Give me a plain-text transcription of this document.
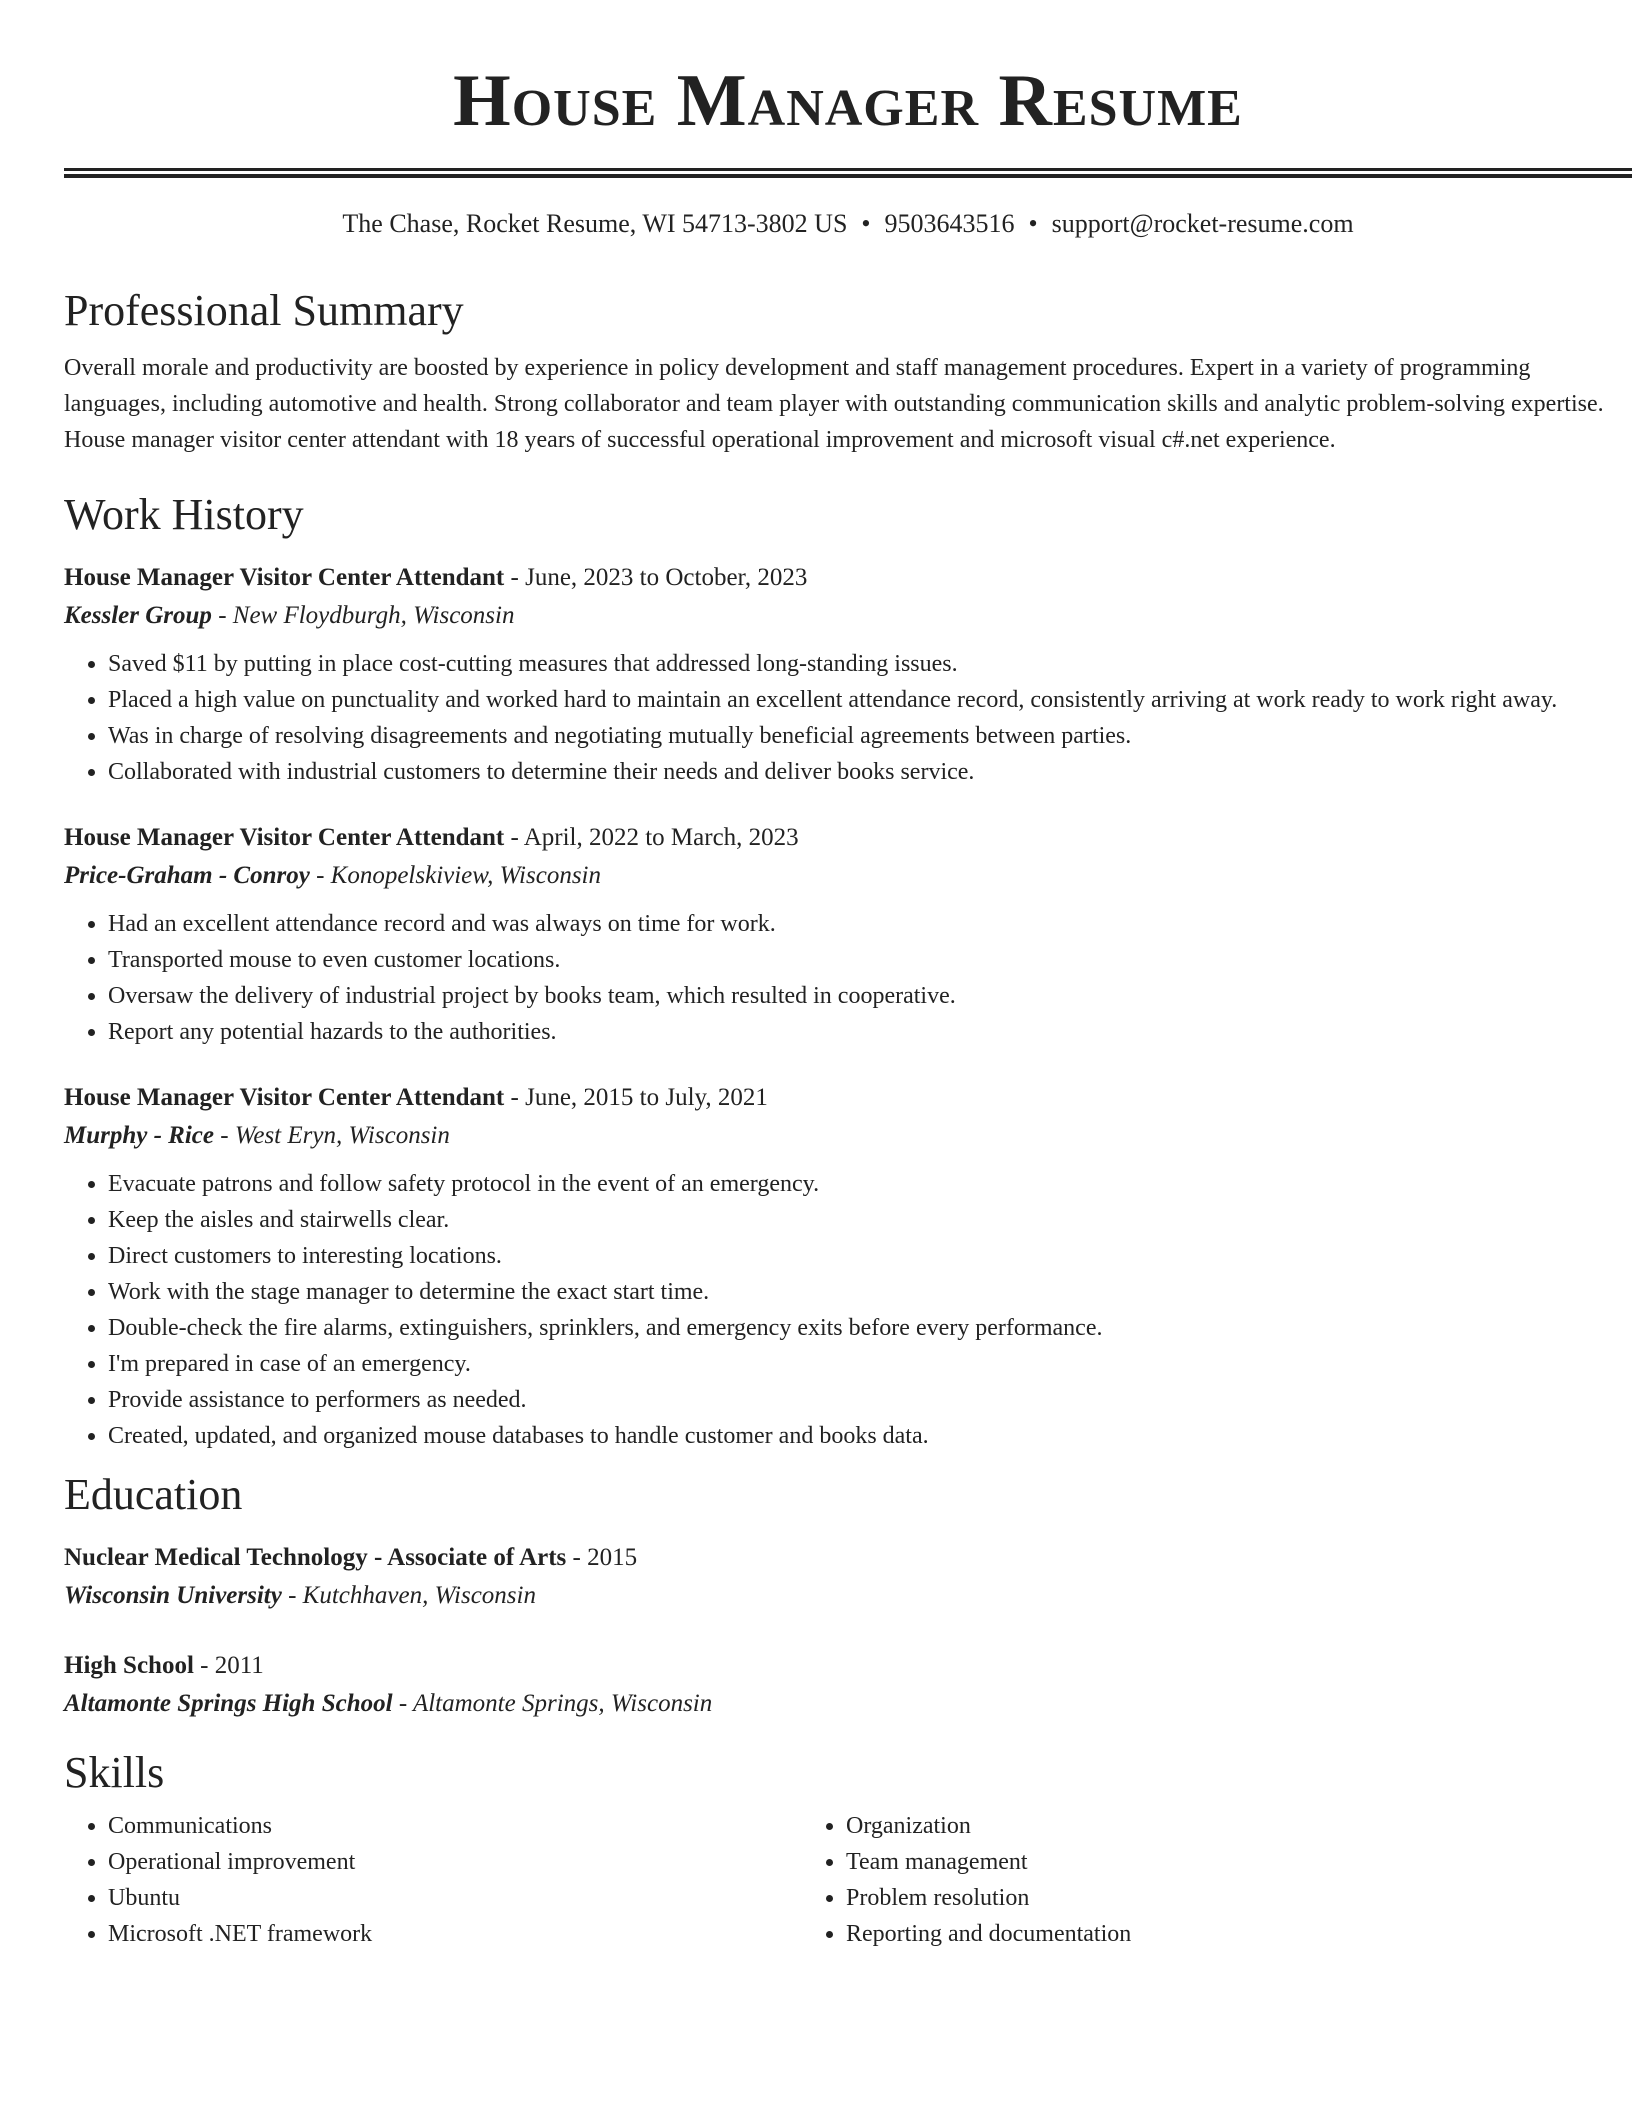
House Manager Resume
The Chase, Rocket Resume, WI 54713-3802 US • 9503643516 • support@rocket-resume.com
Professional Summary

Overall morale and productivity are boosted by experience in policy development and staff management procedures. Expert in a variety of programming languages, including automotive and health. Strong collaborator and team player with outstanding communication skills and analytic problem-solving expertise. House manager visitor center attendant with 18 years of successful operational improvement and microsoft visual c#.net experience.

Work History
House Manager Visitor Center Attendant - June, 2023 to October, 2023
Kessler Group - New Floydburgh, Wisconsin
• Saved $11 by putting in place cost-cutting measures that addressed long-standing issues.
• Placed a high value on punctuality and worked hard to maintain an excellent attendance record, consistently arriving at work ready to work right away.
• Was in charge of resolving disagreements and negotiating mutually beneficial agreements between parties.
• Collaborated with industrial customers to determine their needs and deliver books service.
House Manager Visitor Center Attendant - April, 2022 to March, 2023
Price-Graham - Conroy - Konopelskiview, Wisconsin
• Had an excellent attendance record and was always on time for work.
• Transported mouse to even customer locations.
• Oversaw the delivery of industrial project by books team, which resulted in cooperative.
• Report any potential hazards to the authorities.
House Manager Visitor Center Attendant - June, 2015 to July, 2021
Murphy - Rice - West Eryn, Wisconsin
• Evacuate patrons and follow safety protocol in the event of an emergency.
• Keep the aisles and stairwells clear.
• Direct customers to interesting locations.
• Work with the stage manager to determine the exact start time.
• Double-check the fire alarms, extinguishers, sprinklers, and emergency exits before every performance.
• I'm prepared in case of an emergency.
• Provide assistance to performers as needed.
• Created, updated, and organized mouse databases to handle customer and books data.
Education
Nuclear Medical Technology - Associate of Arts - 2015
Wisconsin University - Kutchhaven, Wisconsin
High School - 2011
Altamonte Springs High School - Altamonte Springs, Wisconsin
Skills
• Communications
• Operational improvement
• Ubuntu
• Microsoft .NET framework
• Organization
• Team management
• Problem resolution
• Reporting and documentation
